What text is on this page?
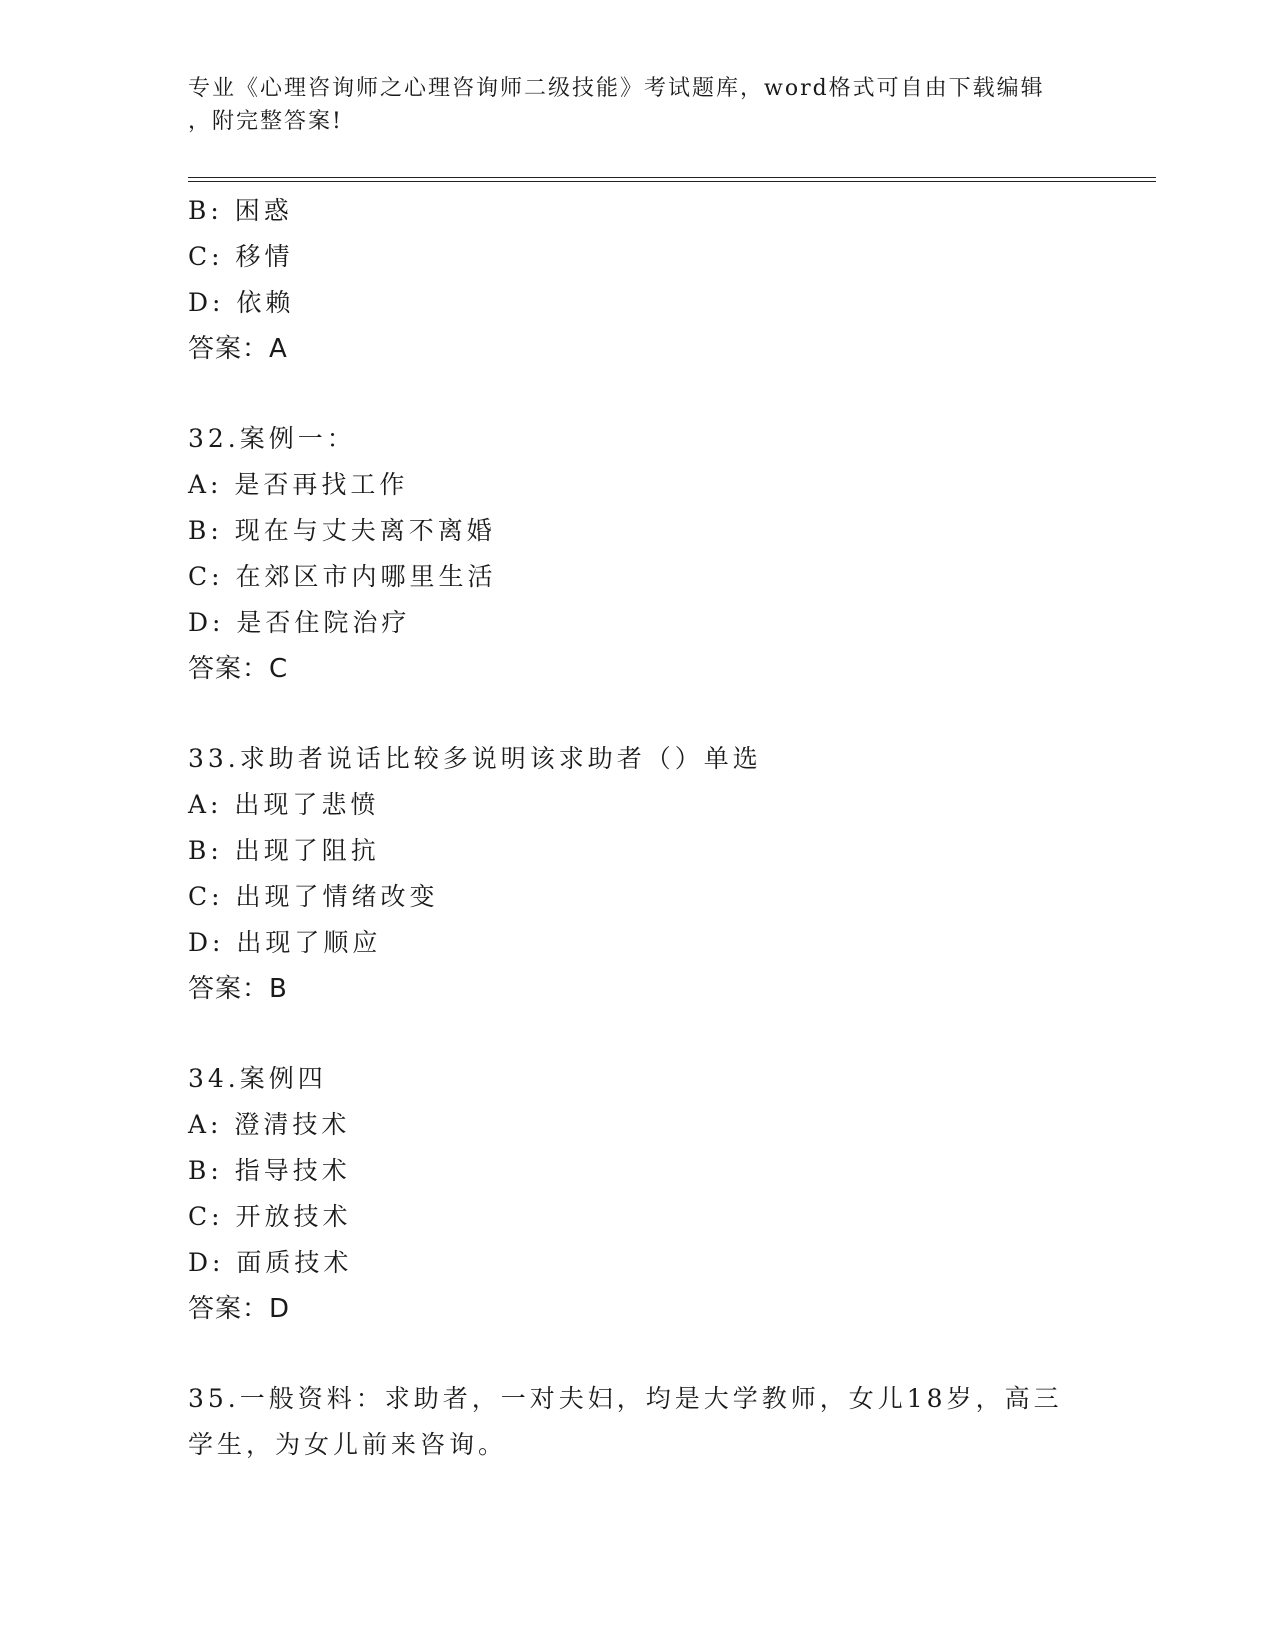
专业《心理咨询师之心理咨询师二级技能》考试题库，word格式可自由下载编辑
，附完整答案!
B: 困惑
C: 移情
D: 依赖
答案：A
32.案例一：
A: 是否再找工作
B: 现在与丈夫离不离婚
C: 在郊区市内哪里生活
D: 是否住院治疗
答案：C
33.求助者说话比较多说明该求助者（）单选
A: 出现了悲愤
B: 出现了阻抗
C: 出现了情绪改变
D: 出现了顺应
答案：B
34.案例四
A: 澄清技术
B: 指导技术
C: 开放技术
D: 面质技术
答案：D
35.一般资料：求助者，一对夫妇，均是大学教师，女儿18岁，高三
学生，为女儿前来咨询。
